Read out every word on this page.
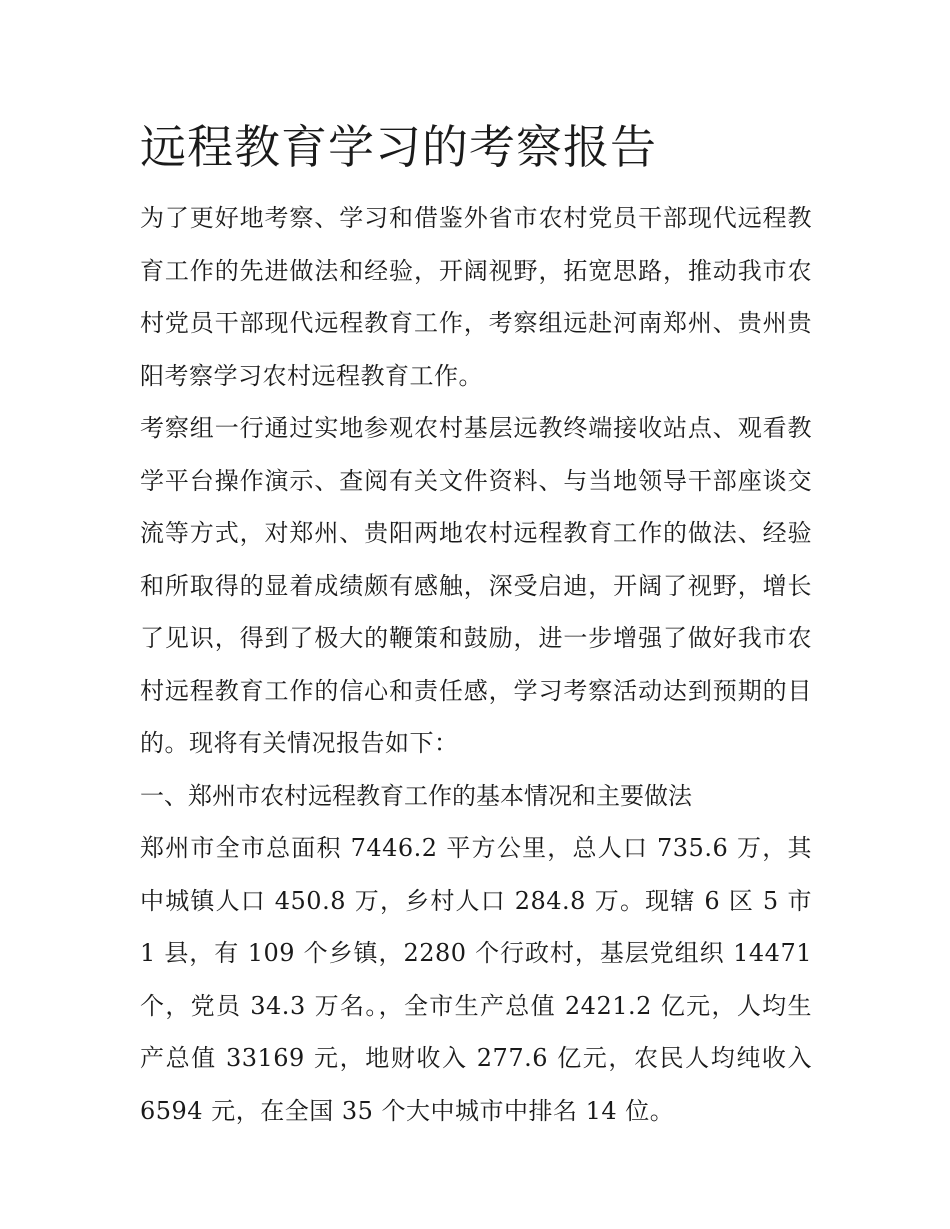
远程教育学习的考察报告

为了更好地考察、学习和借鉴外省市农村党员干部现代远程教育工作的先进做法和经验，开阔视野，拓宽思路，推动我市农村党员干部现代远程教育工作，考察组远赴河南郑州、贵州贵阳考察学习农村远程教育工作。

考察组一行通过实地参观农村基层远教终端接收站点、观看教学平台操作演示、查阅有关文件资料、与当地领导干部座谈交流等方式，对郑州、贵阳两地农村远程教育工作的做法、经验和所取得的显着成绩颇有感触，深受启迪，开阔了视野，增长了见识，得到了极大的鞭策和鼓励，进一步增强了做好我市农村远程教育工作的信心和责任感，学习考察活动达到预期的目的。现将有关情况报告如下：

一、郑州市农村远程教育工作的基本情况和主要做法

郑州市全市总面积 7446.2 平方公里，总人口 735.6 万，其中城镇人口 450.8 万，乡村人口 284.8 万。现辖 6 区 5 市 1 县，有 109 个乡镇，2280 个行政村，基层党组织 14471 个，党员 34.3 万名。，全市生产总值 2421.2 亿元，人均生产总值 33169 元，地财收入 277.6 亿元，农民人均纯收入 6594 元，在全国 35 个大中城市中排名 14 位。
